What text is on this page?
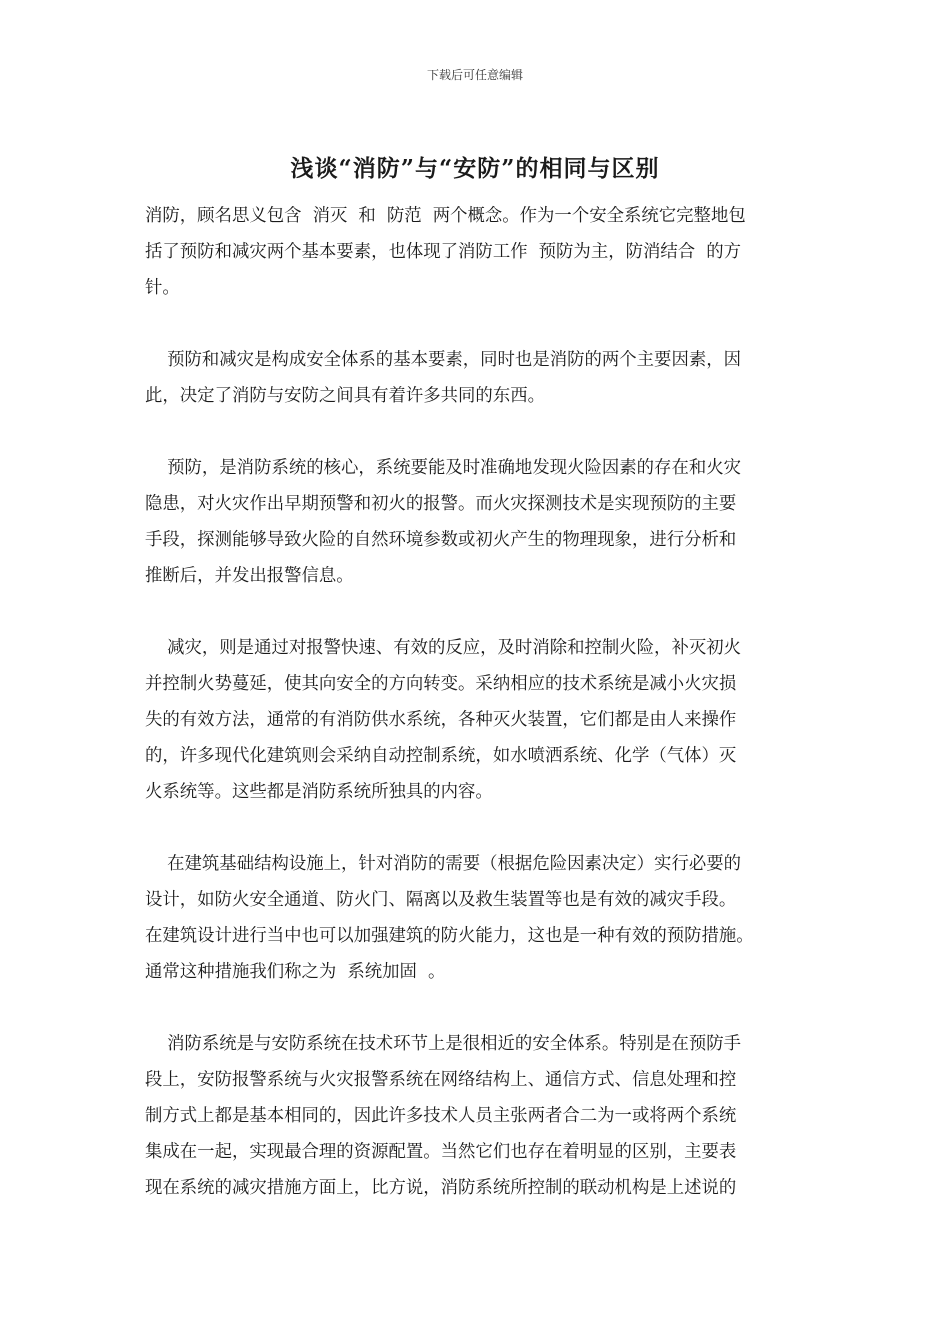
下载后可任意编辑
浅谈“消防”与“安防”的相同与区别
消防，顾名思义包含  消灭  和  防范  两个概念。作为一个安全系统它完整地包
括了预防和减灾两个基本要素，也体现了消防工作  预防为主，防消结合  的方
针。
预防和减灾是构成安全体系的基本要素，同时也是消防的两个主要因素，因
此，决定了消防与安防之间具有着许多共同的东西。
预防，是消防系统的核心，系统要能及时准确地发现火险因素的存在和火灾
隐患，对火灾作出早期预警和初火的报警。而火灾探测技术是实现预防的主要
手段，探测能够导致火险的自然环境参数或初火产生的物理现象，进行分析和
推断后，并发出报警信息。
减灾，则是通过对报警快速、有效的反应，及时消除和控制火险，补灭初火
并控制火势蔓延，使其向安全的方向转变。采纳相应的技术系统是减小火灾损
失的有效方法，通常的有消防供水系统，各种灭火装置，它们都是由人来操作
的，许多现代化建筑则会采纳自动控制系统，如水喷洒系统、化学（气体）灭
火系统等。这些都是消防系统所独具的内容。
在建筑基础结构设施上，针对消防的需要（根据危险因素决定）实行必要的
设计，如防火安全通道、防火门、隔离以及救生装置等也是有效的减灾手段。
在建筑设计进行当中也可以加强建筑的防火能力，这也是一种有效的预防措施。
通常这种措施我们称之为  系统加固  。
消防系统是与安防系统在技术环节上是很相近的安全体系。特别是在预防手
段上，安防报警系统与火灾报警系统在网络结构上、通信方式、信息处理和控
制方式上都是基本相同的，因此许多技术人员主张两者合二为一或将两个系统
集成在一起，实现最合理的资源配置。当然它们也存在着明显的区别，主要表
现在系统的减灾措施方面上，比方说，消防系统所控制的联动机构是上述说的
